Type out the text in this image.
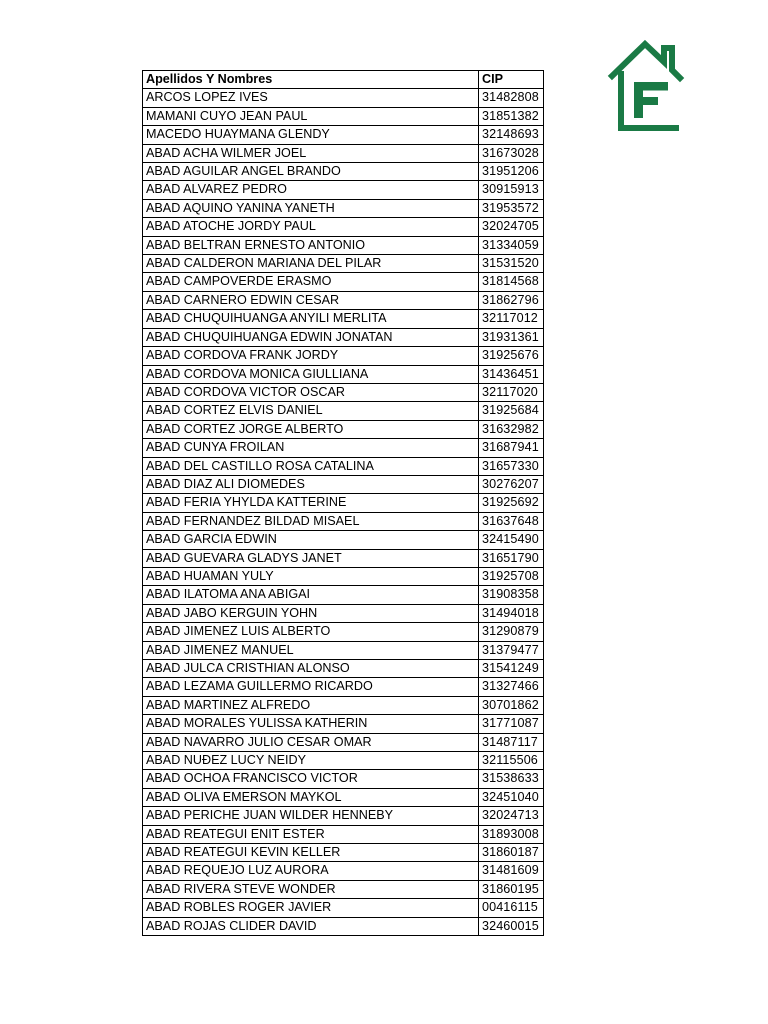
Apellidos Y Nombres	CIP
ARCOS LOPEZ IVES	31482808
MAMANI CUYO JEAN PAUL	31851382
MACEDO HUAYMANA GLENDY	32148693
ABAD ACHA WILMER JOEL	31673028
ABAD AGUILAR ANGEL BRANDO	31951206
ABAD ALVAREZ PEDRO	30915913
ABAD AQUINO YANINA YANETH	31953572
ABAD ATOCHE JORDY PAUL	32024705
ABAD BELTRAN ERNESTO ANTONIO	31334059
ABAD CALDERON MARIANA DEL PILAR	31531520
ABAD CAMPOVERDE ERASMO	31814568
ABAD CARNERO EDWIN CESAR	31862796
ABAD CHUQUIHUANGA ANYILI MERLITA	32117012
ABAD CHUQUIHUANGA EDWIN JONATAN	31931361
ABAD CORDOVA FRANK JORDY	31925676
ABAD CORDOVA MONICA GIULLIANA	31436451
ABAD CORDOVA VICTOR OSCAR	32117020
ABAD CORTEZ ELVIS DANIEL	31925684
ABAD CORTEZ JORGE ALBERTO	31632982
ABAD CUNYA FROILAN	31687941
ABAD DEL CASTILLO ROSA CATALINA	31657330
ABAD DIAZ ALI DIOMEDES	30276207
ABAD FERIA YHYLDA KATTERINE	31925692
ABAD FERNANDEZ BILDAD MISAEL	31637648
ABAD GARCIA EDWIN	32415490
ABAD GUEVARA GLADYS JANET	31651790
ABAD HUAMAN YULY	31925708
ABAD ILATOMA ANA ABIGAI	31908358
ABAD JABO KERGUIN YOHN	31494018
ABAD JIMENEZ LUIS ALBERTO	31290879
ABAD JIMENEZ MANUEL	31379477
ABAD JULCA CRISTHIAN ALONSO	31541249
ABAD LEZAMA GUILLERMO RICARDO	31327466
ABAD MARTINEZ ALFREDO	30701862
ABAD MORALES YULISSA KATHERIN	31771087
ABAD NAVARRO JULIO CESAR OMAR	31487117
ABAD NUĐEZ LUCY NEIDY	32115506
ABAD OCHOA FRANCISCO VICTOR	31538633
ABAD OLIVA EMERSON MAYKOL	32451040
ABAD PERICHE JUAN WILDER HENNEBY	32024713
ABAD REATEGUI ENIT ESTER	31893008
ABAD REATEGUI KEVIN KELLER	31860187
ABAD REQUEJO LUZ AURORA	31481609
ABAD RIVERA STEVE WONDER	31860195
ABAD ROBLES ROGER JAVIER	00416115
ABAD ROJAS CLIDER DAVID	32460015
